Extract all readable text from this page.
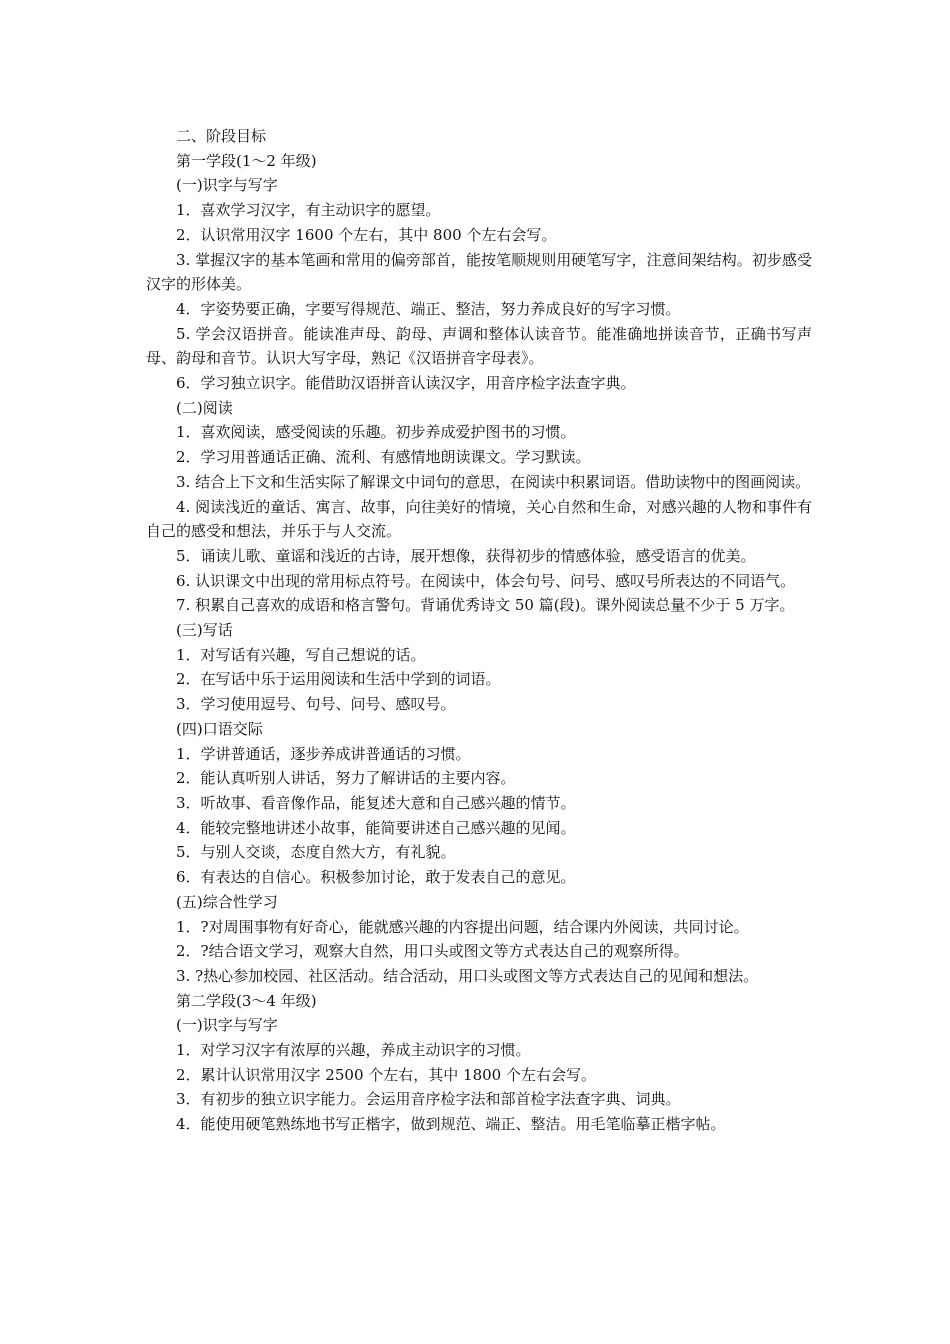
二、阶段目标

第一学段(1～2 年级)

(一)识字与写字

1．喜欢学习汉字，有主动识字的愿望。

2．认识常用汉字 1600 个左右，其中 800 个左右会写。

3. 掌握汉字的基本笔画和常用的偏旁部首，能按笔顺规则用硬笔写字，注意间架结构。初步感受汉字的形体美。

4．字姿势要正确，字要写得规范、端正、整洁，努力养成良好的写字习惯。

5. 学会汉语拼音。能读准声母、韵母、声调和整体认读音节。能准确地拼读音节，正确书写声母、韵母和音节。认识大写字母，熟记《汉语拼音字母表》。

6．学习独立识字。能借助汉语拼音认读汉字，用音序检字法查字典。

(二)阅读

1．喜欢阅读，感受阅读的乐趣。初步养成爱护图书的习惯。

2．学习用普通话正确、流利、有感情地朗读课文。学习默读。

3. 结合上下文和生活实际了解课文中词句的意思，在阅读中积累词语。借助读物中的图画阅读。

4. 阅读浅近的童话、寓言、故事，向往美好的情境，关心自然和生命，对感兴趣的人物和事件有自己的感受和想法，并乐于与人交流。

5．诵读儿歌、童谣和浅近的古诗，展开想像，获得初步的情感体验，感受语言的优美。

6. 认识课文中出现的常用标点符号。在阅读中，体会句号、问号、感叹号所表达的不同语气。

7. 积累自己喜欢的成语和格言警句。背诵优秀诗文 50 篇(段)。课外阅读总量不少于 5 万字。

(三)写话

1．对写话有兴趣，写自己想说的话。

2．在写话中乐于运用阅读和生活中学到的词语。

3．学习使用逗号、句号、问号、感叹号。

(四)口语交际

1．学讲普通话，逐步养成讲普通话的习惯。

2．能认真听别人讲话，努力了解讲话的主要内容。

3．听故事、看音像作品，能复述大意和自己感兴趣的情节。

4．能较完整地讲述小故事，能简要讲述自己感兴趣的见闻。

5．与别人交谈，态度自然大方，有礼貌。

6．有表达的自信心。积极参加讨论，敢于发表自己的意见。

(五)综合性学习

1．?对周围事物有好奇心，能就感兴趣的内容提出问题，结合课内外阅读，共同讨论。

2．?结合语文学习，观察大自然，用口头或图文等方式表达自己的观察所得。

3. ?热心参加校园、社区活动。结合活动，用口头或图文等方式表达自己的见闻和想法。

第二学段(3～4 年级)

(一)识字与写字

1．对学习汉字有浓厚的兴趣，养成主动识字的习惯。

2．累计认识常用汉字 2500 个左右，其中 1800 个左右会写。

3．有初步的独立识字能力。会运用音序检字法和部首检字法查字典、词典。

4．能使用硬笔熟练地书写正楷字，做到规范、端正、整洁。用毛笔临摹正楷字帖。
